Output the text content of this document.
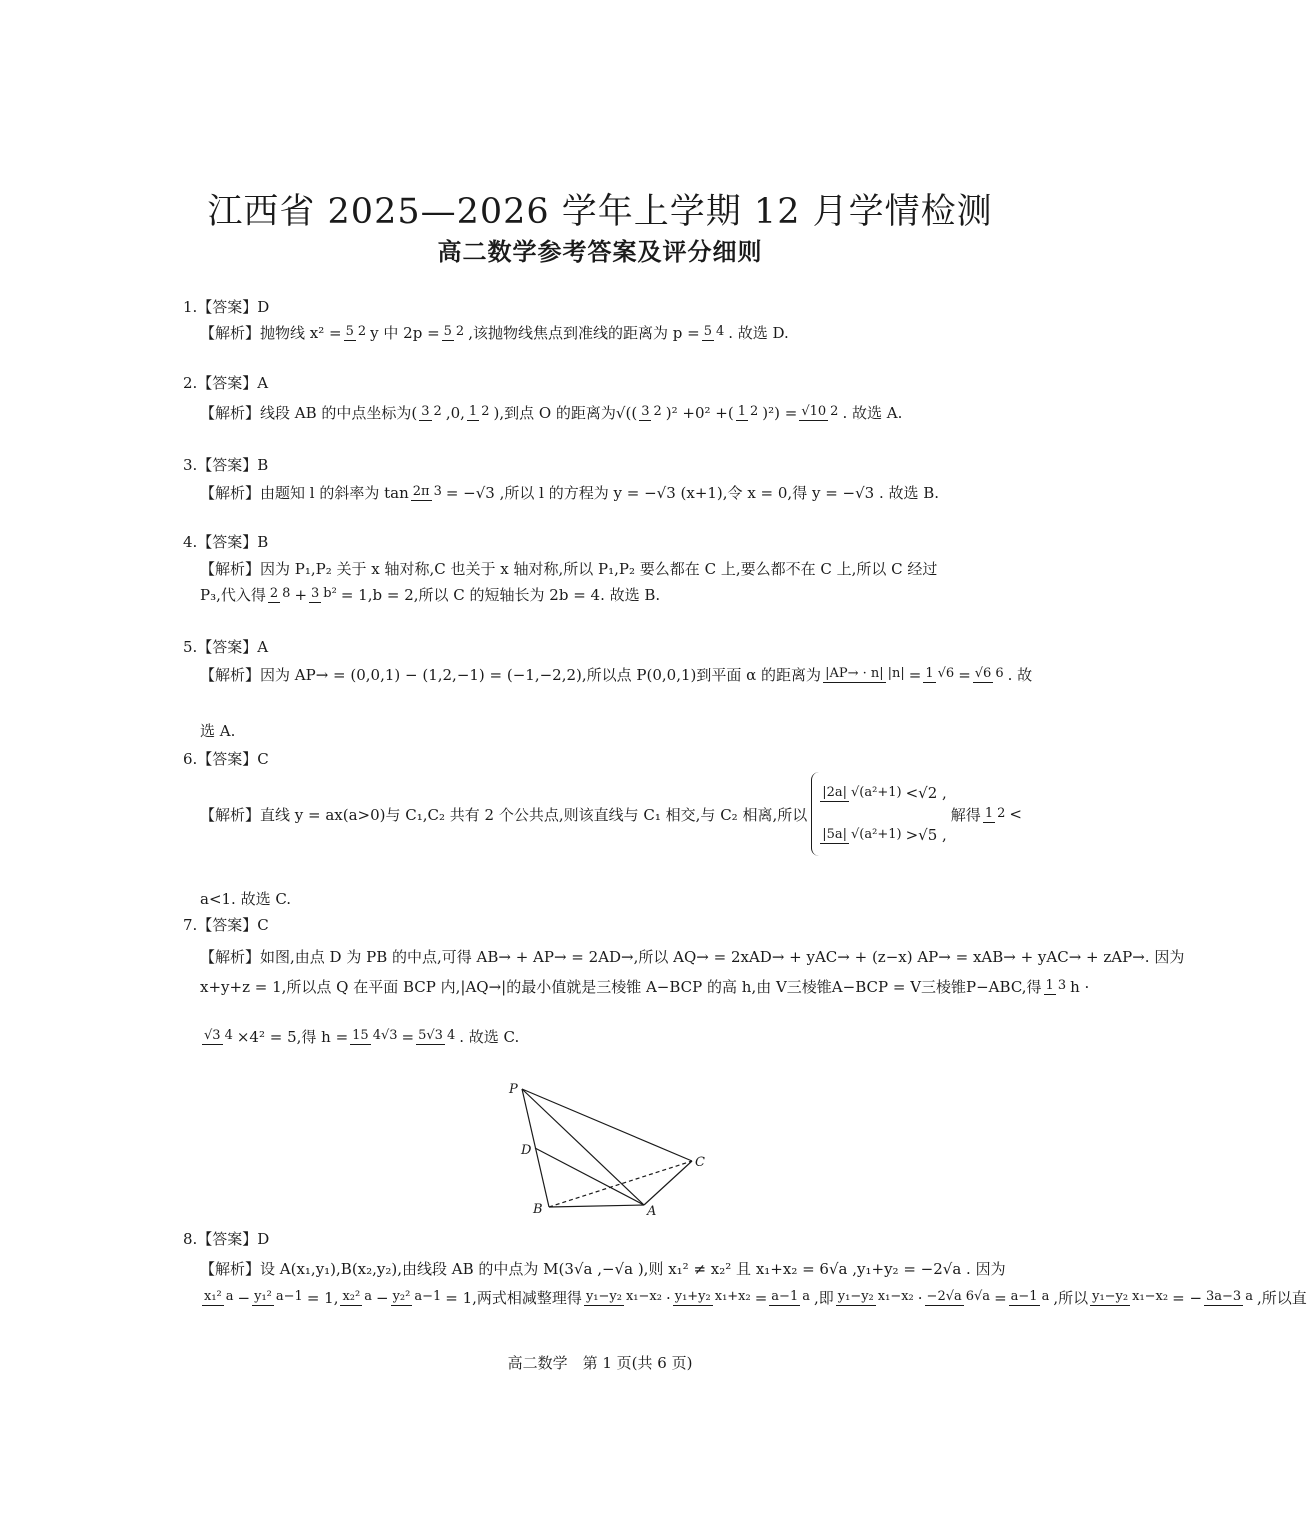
江西省 2025—2026 学年上学期 12 月学情检测
高二数学参考答案及评分细则
1.【答案】D
【解析】抛物线 x² = 5 2 y 中 2p = 5 2 ,该抛物线焦点到准线的距离为 p = 5 4 . 故选 D.
2.【答案】A
【解析】线段 AB 的中点坐标为( 3 2 ,0, 1 2 ),到点 O 的距离为√(( 3 2 )² +0² +( 1 2 )²) = √10 2 . 故选 A.
3.【答案】B
【解析】由题知 l 的斜率为 tan 2π 3 = −√3 ,所以 l 的方程为 y = −√3 (x+1),令 x = 0,得 y = −√3 . 故选 B.
4.【答案】B
【解析】因为 P₁,P₂ 关于 x 轴对称,C 也关于 x 轴对称,所以 P₁,P₂ 要么都在 C 上,要么都不在 C 上,所以 C 经过
P₃,代入得 2 8 + 3 b² = 1,b = 2,所以 C 的短轴长为 2b = 4. 故选 B.
5.【答案】A
【解析】因为 AP→ = (0,0,1) − (1,2,−1) = (−1,−2,2),所以点 P(0,0,1)到平面 α 的距离为 |AP→ · n| |n| = 1 √6 = √6 6 . 故
选 A.
6.【答案】C
【解析】直线 y = ax(a>0)与 C₁,C₂ 共有 2 个公共点,则该直线与 C₁ 相交,与 C₂ 相离,所以
|2a| √(a²+1) <√2 ,
|5a| √(a²+1) >√5 ,
解得 1 2 <
a<1. 故选 C.
7.【答案】C
【解析】如图,由点 D 为 PB 的中点,可得 AB→ + AP→ = 2AD→,所以 AQ→ = 2xAD→ + yAC→ + (z−x) AP→ = xAB→ + yAC→ + zAP→. 因为
x+y+z = 1,所以点 Q 在平面 BCP 内,|AQ→|的最小值就是三棱锥 A−BCP 的高 h,由 V三棱锥A−BCP = V三棱锥P−ABC,得 1 3 h ·
√3 4 ×4² = 5,得 h = 15 4√3 = 5√3 4 . 故选 C.
P
D
C
B	A
8.【答案】D
【解析】设 A(x₁,y₁),B(x₂,y₂),由线段 AB 的中点为 M(3√a ,−√a ),则 x₁² ≠ x₂² 且 x₁+x₂ = 6√a ,y₁+y₂ = −2√a . 因为
x₁² a − y₁² a−1 = 1, x₂² a − y₂² a−1 = 1,两式相减整理得 y₁−y₂ x₁−x₂ · y₁+y₂ x₁+x₂ = a−1 a ,即 y₁−y₂ x₁−x₂ · −2√a 6√a = a−1 a ,所以 y₁−y₂ x₁−x₂ = − 3a−3 a ,所以直
高二数学　第 1 页(共 6 页)
